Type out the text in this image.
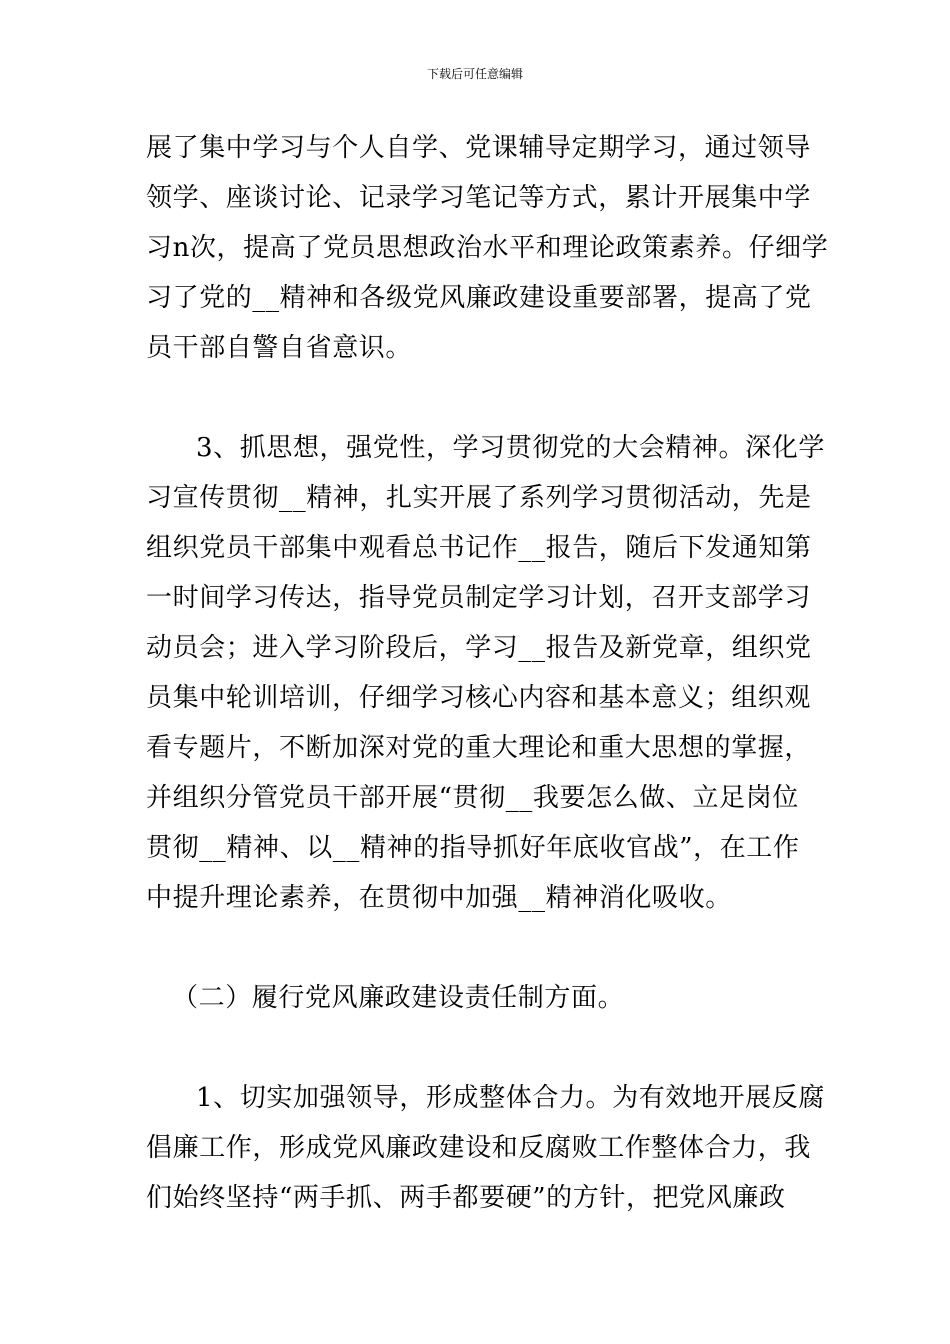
下载后可任意编辑
展了集中学习与个人自学、党课辅导定期学习，通过领导
领学、座谈讨论、记录学习笔记等方式，累计开展集中学
习n次，提高了党员思想政治水平和理论政策素养。仔细学
习了党的__精神和各级党风廉政建设重要部署，提高了党
员干部自警自省意识。
3、抓思想，强党性，学习贯彻党的大会精神。深化学
习宣传贯彻__精神，扎实开展了系列学习贯彻活动，先是
组织党员干部集中观看总书记作__报告，随后下发通知第
一时间学习传达，指导党员制定学习计划，召开支部学习
动员会；进入学习阶段后，学习__报告及新党章，组织党
员集中轮训培训，仔细学习核心内容和基本意义；组织观
看专题片，不断加深对党的重大理论和重大思想的掌握，
并组织分管党员干部开展“贯彻__我要怎么做、立足岗位
贯彻__精神、以__精神的指导抓好年底收官战”，在工作
中提升理论素养，在贯彻中加强__精神消化吸收。
（二）履行党风廉政建设责任制方面。
1、切实加强领导，形成整体合力。为有效地开展反腐
倡廉工作，形成党风廉政建设和反腐败工作整体合力，我
们始终坚持“两手抓、两手都要硬”的方针，把党风廉政
